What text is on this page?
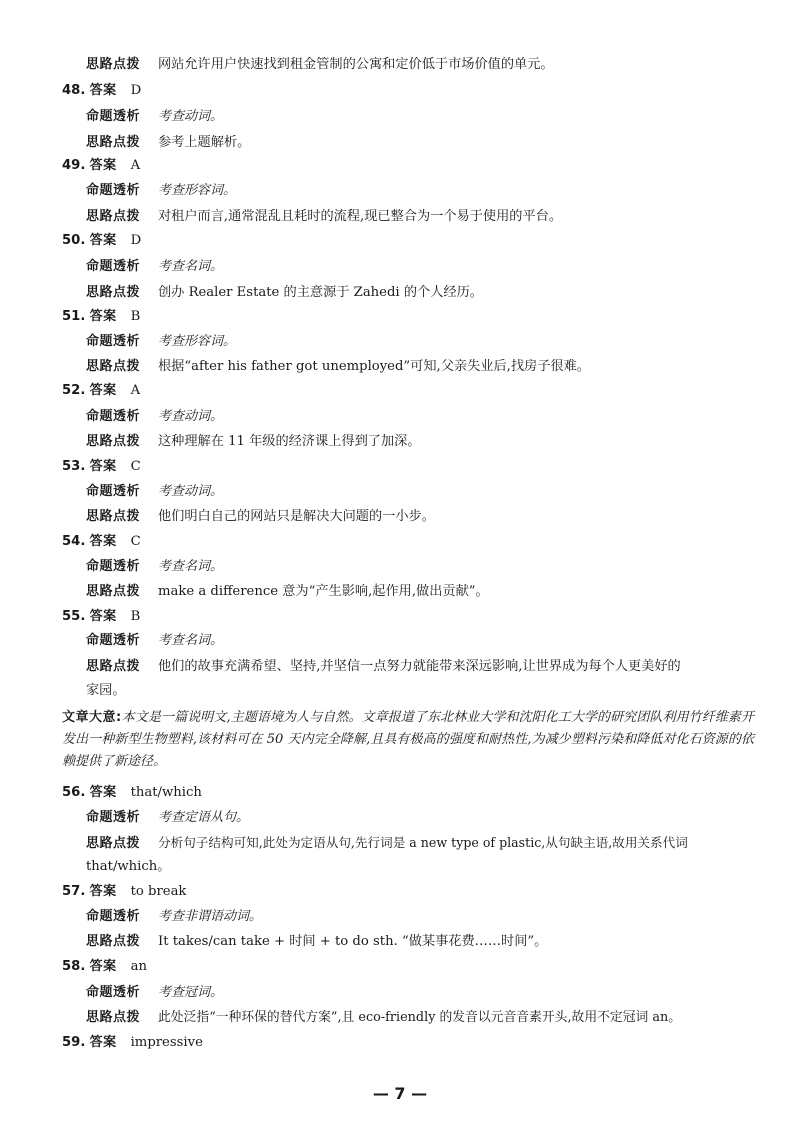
思路点拨 网站允许用户快速找到租金管制的公寓和定价低于市场价值的单元。
48. 答案 D
命题透析 考查动词。
思路点拨 参考上题解析。
49. 答案 A
命题透析 考查形容词。
思路点拨 对租户而言,通常混乱且耗时的流程,现已整合为一个易于使用的平台。
50. 答案 D
命题透析 考查名词。
思路点拨 创办 Realer Estate 的主意源于 Zahedi 的个人经历。
51. 答案 B
命题透析 考查形容词。
思路点拨 根据“after his father got unemployed”可知,父亲失业后,找房子很难。
52. 答案 A
命题透析 考查动词。
思路点拨 这种理解在 11 年级的经济课上得到了加深。
53. 答案 C
命题透析 考查动词。
思路点拨 他们明白自己的网站只是解决大问题的一小步。
54. 答案 C
命题透析 考查名词。
思路点拨 make a difference 意为“产生影响,起作用,做出贡献”。
55. 答案 B
命题透析 考查名词。
思路点拨 他们的故事充满希望、坚持,并坚信一点努力就能带来深远影响,让世界成为每个人更美好的
家园。
文章大意:本文是一篇说明文,主题语境为人与自然。文章报道了东北林业大学和沈阳化工大学的研究团队利用竹纤维素开发出一种新型生物塑料,该材料可在 50 天内完全降解,且具有极高的强度和耐热性,为减少塑料污染和降低对化石资源的依赖提供了新途径。
56. 答案 that/which
命题透析 考查定语从句。
思路点拨 分析句子结构可知,此处为定语从句,先行词是 a new type of plastic,从句缺主语,故用关系代词
that/which。
57. 答案 to break
命题透析 考查非谓语动词。
思路点拨 It takes/can take + 时间 + to do sth. “做某事花费……时间”。
58. 答案 an
命题透析 考查冠词。
思路点拨 此处泛指“一种环保的替代方案”,且 eco-friendly 的发音以元音音素开头,故用不定冠词 an。
59. 答案 impressive
— 7 —
